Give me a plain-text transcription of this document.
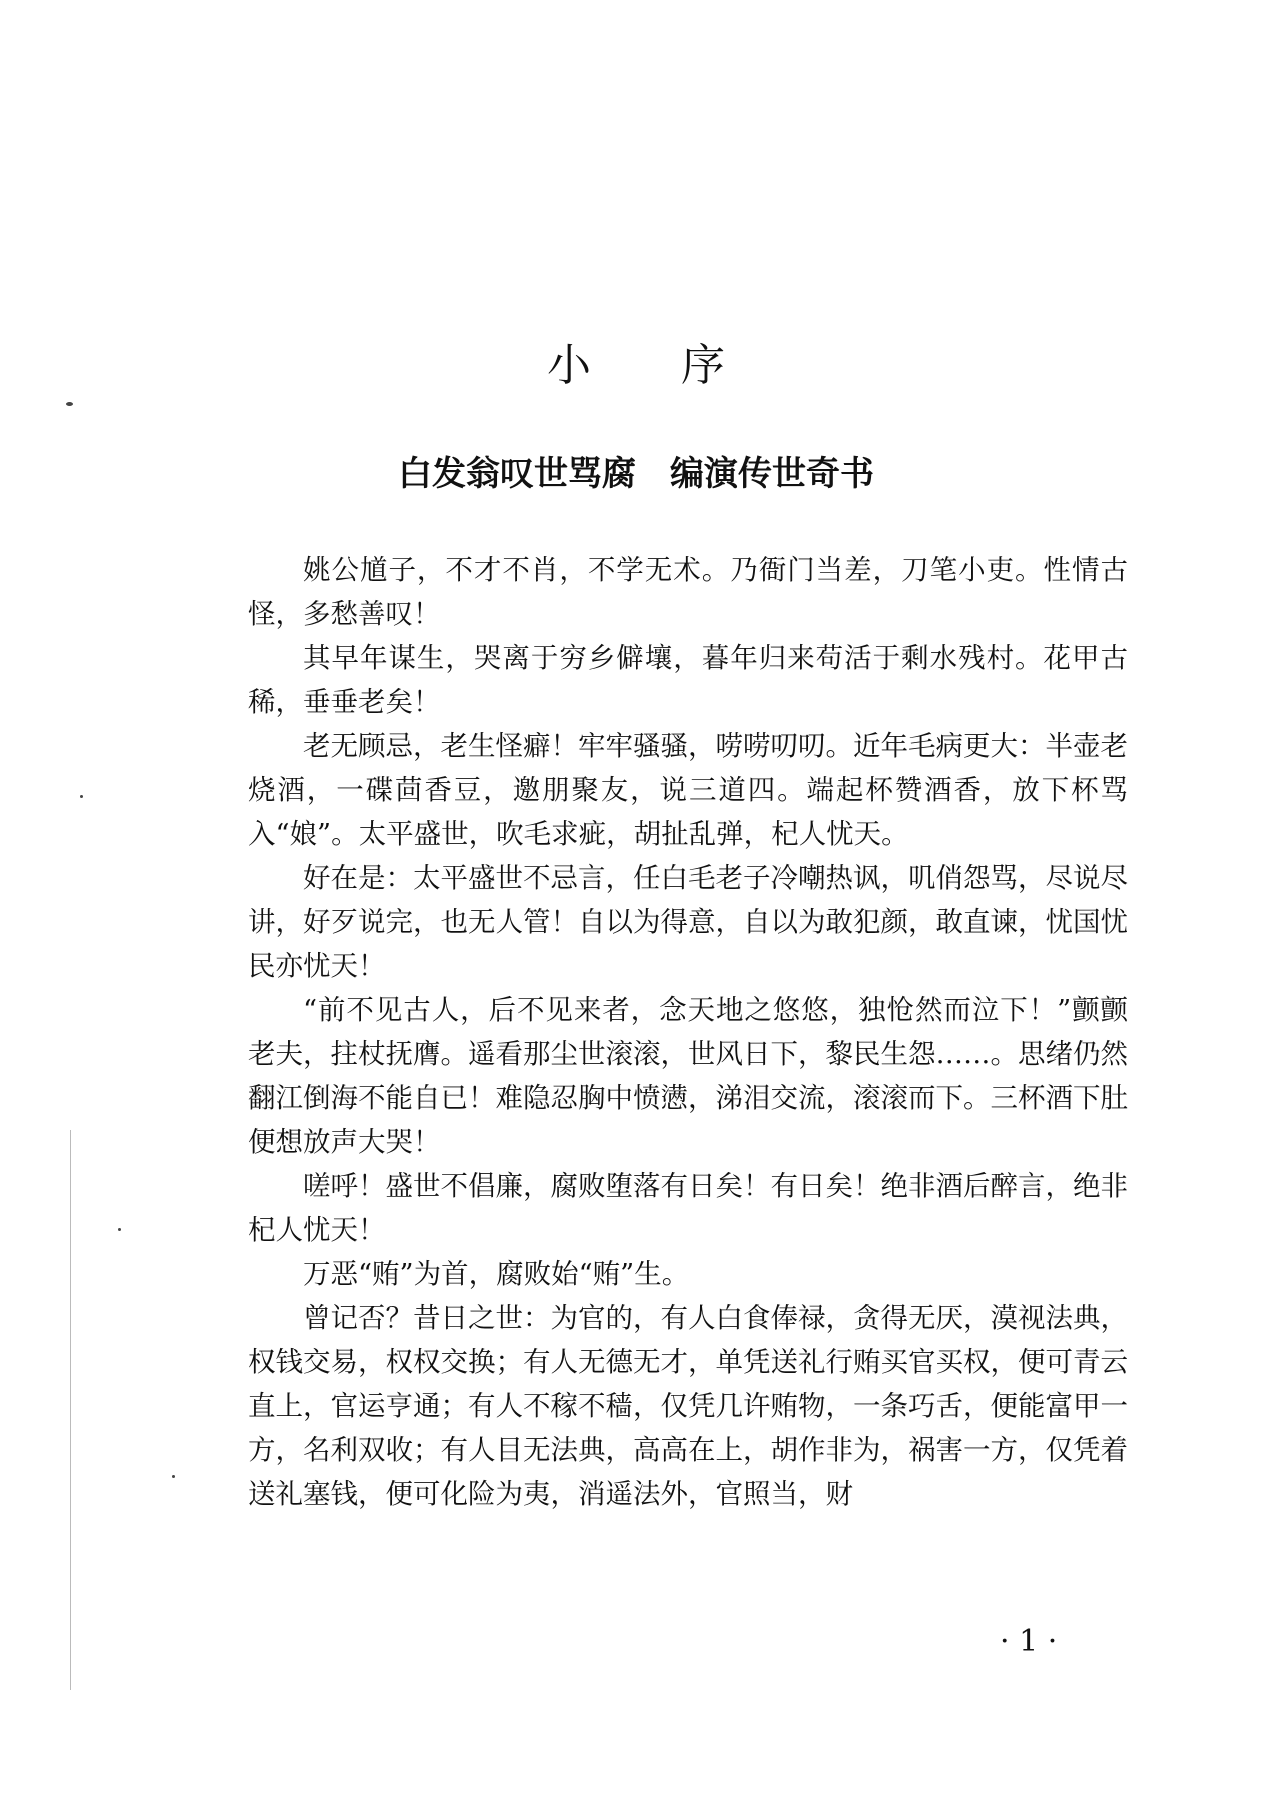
小 序
白发翁叹世骂腐　编演传世奇书

姚公馗子，不才不肖，不学无术。乃衙门当差，刀笔小吏。性情古怪，多愁善叹！

其早年谋生，哭离于穷乡僻壤，暮年归来苟活于剩水残村。花甲古稀，垂垂老矣！

老无顾忌，老生怪癖！牢牢骚骚，唠唠叨叨。近年毛病更大：半壶老烧酒，一碟茴香豆，邀朋聚友，说三道四。端起杯赞酒香，放下杯骂入“娘”。太平盛世，吹毛求疵，胡扯乱弹，杞人忧天。

好在是：太平盛世不忌言，任白毛老子冷嘲热讽，叽俏怨骂，尽说尽讲，好歹说完，也无人管！自以为得意，自以为敢犯颜，敢直谏，忧国忧民亦忧天！

“前不见古人，后不见来者，念天地之悠悠，独怆然而泣下！”颤颤老夫，拄杖抚膺。遥看那尘世滚滚，世风日下，黎民生怨……。思绪仍然翻江倒海不能自已！难隐忍胸中愤懑，涕泪交流，滚滚而下。三杯酒下肚便想放声大哭！

嗟呼！盛世不倡廉，腐败堕落有日矣！有日矣！绝非酒后醉言，绝非杞人忧天！

万恶“贿”为首，腐败始“贿”生。

曾记否？昔日之世：为官的，有人白食俸禄，贪得无厌，漠视法典，权钱交易，权权交换；有人无德无才，单凭送礼行贿买官买权，便可青云直上，官运亨通；有人不稼不穑，仅凭几许贿物，一条巧舌，便能富甲一方，名利双收；有人目无法典，高高在上，胡作非为，祸害一方，仅凭着送礼塞钱，便可化险为夷，消遥法外，官照当，财

· 1 ·
